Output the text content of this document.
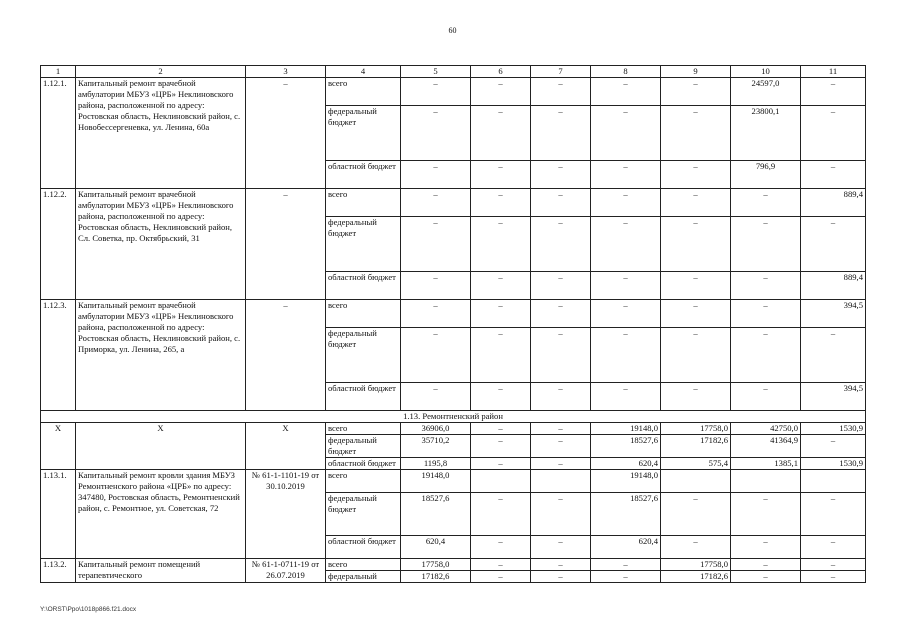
60
1	2	3	4	5	6	7	8	9	10	11
1.12.1.	Капитальный ремонт врачебной амбулатории МБУЗ «ЦРБ» Неклиновского района, расположенной по адресу: Ростовская область, Неклиновский район, с. Новобессергеневка, ул. Ленина, 60а	–	всего	–	–	–	–	–	24597,0	–
			федеральный бюджет	–	–	–	–	–	23800,1	–
			областной бюджет	–	–	–	–	–	796,9	–
1.12.2.	Капитальный ремонт врачебной амбулатории МБУЗ «ЦРБ» Неклиновского района, расположенной по адресу: Ростовская область, Неклиновский район, Сл. Советка, пр. Октябрьский, 31	–	всего	–	–	–	–	–	–	889,4
			федеральный бюджет	–	–	–	–	–	–	–
			областной бюджет	–	–	–	–	–	–	889,4
1.12.3.	Капитальный ремонт врачебной амбулатории МБУЗ «ЦРБ» Неклиновского района, расположенной по адресу: Ростовская область, Неклиновский район, с. Приморка, ул. Ленина, 265, а	–	всего	–	–	–	–	–	–	394,5
			федеральный бюджет	–	–	–	–	–	–	–
			областной бюджет	–	–	–	–	–	–	394,5
1.13. Ремонтненский район										
Х	Х	Х	всего	36906,0	–	–	19148,0	17758,0	42750,0	1530,9
			федеральный бюджет	35710,2	–	–	18527,6	17182,6	41364,9	–
			областной бюджет	1195,8	–	–	620,4	575,4	1385,1	1530,9
1.13.1.	Капитальный ремонт кровли здания МБУЗ Ремонтненского района «ЦРБ» по адресу: 347480, Ростовская область, Ремонтненский район, с. Ремонтное, ул. Советская, 72	№ 61-1-1101-19 от 30.10.2019	всего	19148,0			19148,0			
			федеральный бюджет	18527,6	–	–	18527,6	–	–	–
			областной бюджет	620,4	–	–	620,4	–	–	–
1.13.2.	Капитальный ремонт помещений терапевтического	№ 61-1-0711-19 от 26.07.2019	всего	17758,0	–	–	–	17758,0	–	–
			федеральный	17182,6	–	–	–	17182,6	–	–
Y:\ORST\Ppo\1018p866.f21.docx
